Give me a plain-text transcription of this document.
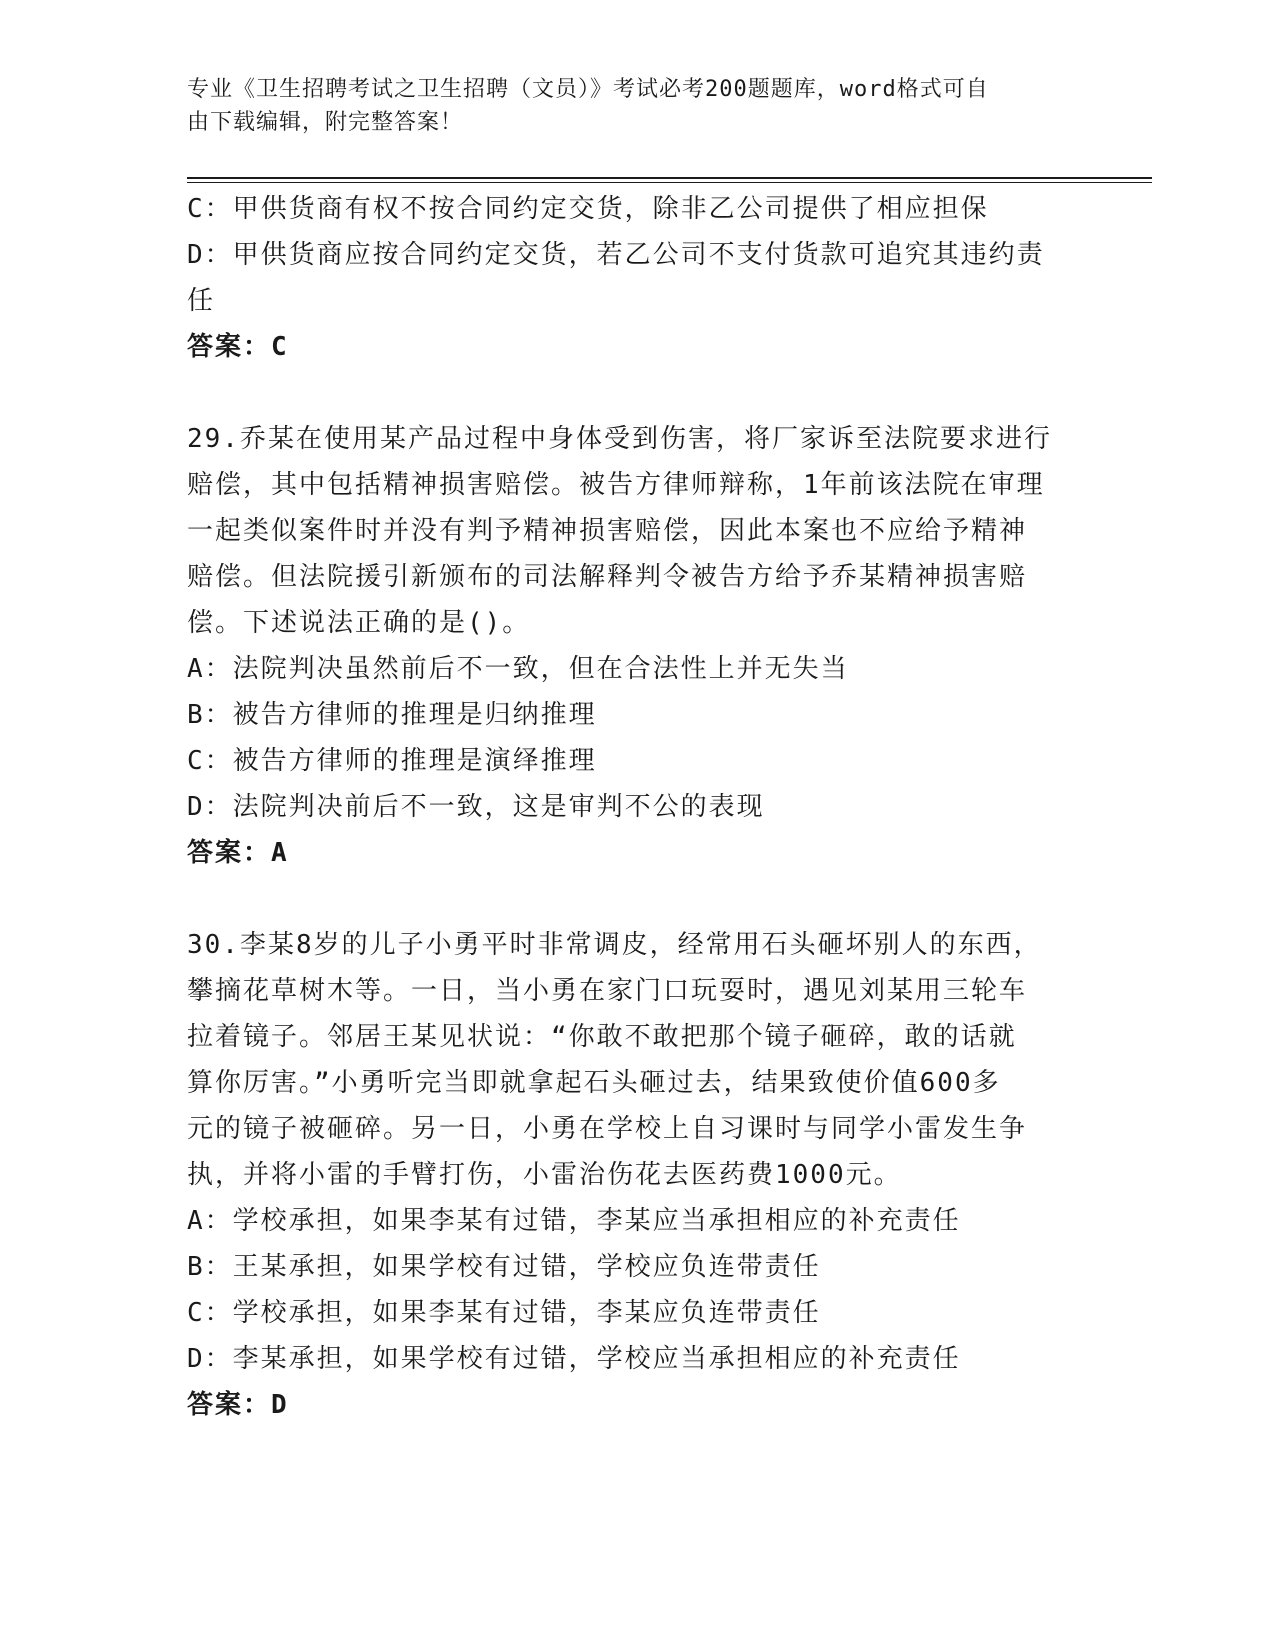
专业《卫生招聘考试之卫生招聘（文员）》考试必考200题题库，word格式可自
由下载编辑，附完整答案！
C：甲供货商有权不按合同约定交货，除非乙公司提供了相应担保
D：甲供货商应按合同约定交货，若乙公司不支付货款可追究其违约责
任
答案：C
29.乔某在使用某产品过程中身体受到伤害，将厂家诉至法院要求进行
赔偿，其中包括精神损害赔偿。被告方律师辩称，1年前该法院在审理
一起类似案件时并没有判予精神损害赔偿，因此本案也不应给予精神
赔偿。但法院援引新颁布的司法解释判令被告方给予乔某精神损害赔
偿。下述说法正确的是()。
A：法院判决虽然前后不一致，但在合法性上并无失当
B：被告方律师的推理是归纳推理
C：被告方律师的推理是演绎推理
D：法院判决前后不一致，这是审判不公的表现
答案：A
30.李某8岁的儿子小勇平时非常调皮，经常用石头砸坏别人的东西，
攀摘花草树木等。一日，当小勇在家门口玩耍时，遇见刘某用三轮车
拉着镜子。邻居王某见状说：“你敢不敢把那个镜子砸碎，敢的话就
算你厉害。”小勇听完当即就拿起石头砸过去，结果致使价值600多
元的镜子被砸碎。另一日，小勇在学校上自习课时与同学小雷发生争
执，并将小雷的手臂打伤，小雷治伤花去医药费1000元。
A：学校承担，如果李某有过错，李某应当承担相应的补充责任
B：王某承担，如果学校有过错，学校应负连带责任
C：学校承担，如果李某有过错，李某应负连带责任
D：李某承担，如果学校有过错，学校应当承担相应的补充责任
答案：D
